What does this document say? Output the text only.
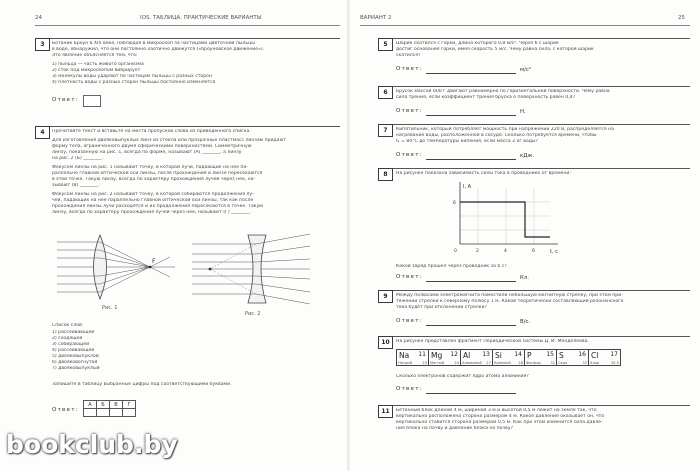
24	IOS. ТАБЛИЦА. ПРАКТИЧЕСКИЕ ВАРИАНТЫ
3	Ботаник Броун в XIX веке, наблюдая в микроскоп за частицами цветочной пыльцы
в воде, обнаружил, что они постоянно хаотично движутся («броуновское движение»).
Это явление объясняется тем, что:
1) пыльца — часть живого организма
2) сток под микроскопом вибрирует
3) молекулы воды ударяют по частицам пыльцы с разных сторон
4) плотность воды с разных сторон пыльцы постоянно изменяется
Ответ:
4	Прочитайте текст и вставьте на места пропусков слова из приведённого списка.
Для изготовления двояковыпуклых линз из стекла или прозрачных пластмасс линзам придают
форму тела, ограниченного двумя сферическими поверхностями. Симметричную
линзу, показанную на рис. 1, всегда по форме, называют (А) ________, а линзу
на рис. 2 (Б) ________.
Фокусом линзы на рис. 1 называют точку, в которой лучи, падающие на неё па-
раллельно главной оптической оси линзы, после прохождения и линзе пересекаются
в этой точке. Такую линзу, всегда по характеру прохождения лучей через неё, на-
зывают (В) ________.
Фокусом линзы на рис. 2 называют точку, в которой собираются продолжения лу-
чей, падающих на неё параллельно главной оптической оси линзы, так как после
прохождения линзы лучи расходятся и их продолжения пересекаются в точке. Такую
линзу, всегда по характеру прохождения лучей через неё, называют (Г) ________.
F
Рис. 1
Рис. 2
Список слов:
1) рассеивающей
2) сходящей
3) собирающей
4) рассеивающей
5) двояковыпуклой
6) двояковогнутой
7) двояковыпуклый
Запишите в таблицу выбранные цифры под соответствующими буквами.
Ответ:
А	Б	В	Г

bookclub.by
ВАРИАНТ 2	25
5	Шарик скатился с горки, длина которого 0,8 м/с². Через 6 с шарик
достиг основания горки, имея скорость 5 м/с. Чему равна сила, с которой шарик
скатился?
Ответ:	м/с²
6	Брусок массой 600 г двигают равномерно по горизонтальной поверхности. Чему равна
сила трения, если коэффициент трения бруска о поверхность равен 0,4?
Ответ:	Н.
7	Кипятильник, который потребляет мощность при напряжении 220 В, распределяется на
нагревание воды, расположенной в сосуде. Сколько потребуется времени, чтобы
t₁ = 80°С до температуры кипения, если масса 2 кг воды?
Ответ:	кДж.
8	На рисунке показана зависимость силы тока в проводнике от времени:
I, А
t, с
0	2	4	6
6
Какой заряд прошёл через проводник за 6 с?
Ответ:	Кл.
9	Между полюсами электромагнита поместили небольшую магнитную стрелку, при этом при-
тяжении стрелки к северному полюсу 1 м. Какой теоретически составляющий резонансного
тока будет при отклонении стрелки?
Ответ:	В/с.
10	На рисунке представлен фрагмент Периодической системы Д. И. Менделеева.
Na 11
Натрий	23

Mg 12
Магний	24

Al 13
Алюминий 27

Si 14
Кремний 28

P 15
Фосфор	31

S 16
Сера	32

Cl 17
Хлор	35,5
Сколько электронов содержит ядро атома алюминия?
Ответ:
11	Бетонный блок длиной 4 м, шириной 3 м и высотой 0,5 м лежит на земле так, что
вертикально расположена сторона размером 4 м. Какое давление оказывает он, что
вертикально ставится сторона размером 0,5 м. Как при этом изменится сила давле-
ния блока на почву и давление блока на почву?
